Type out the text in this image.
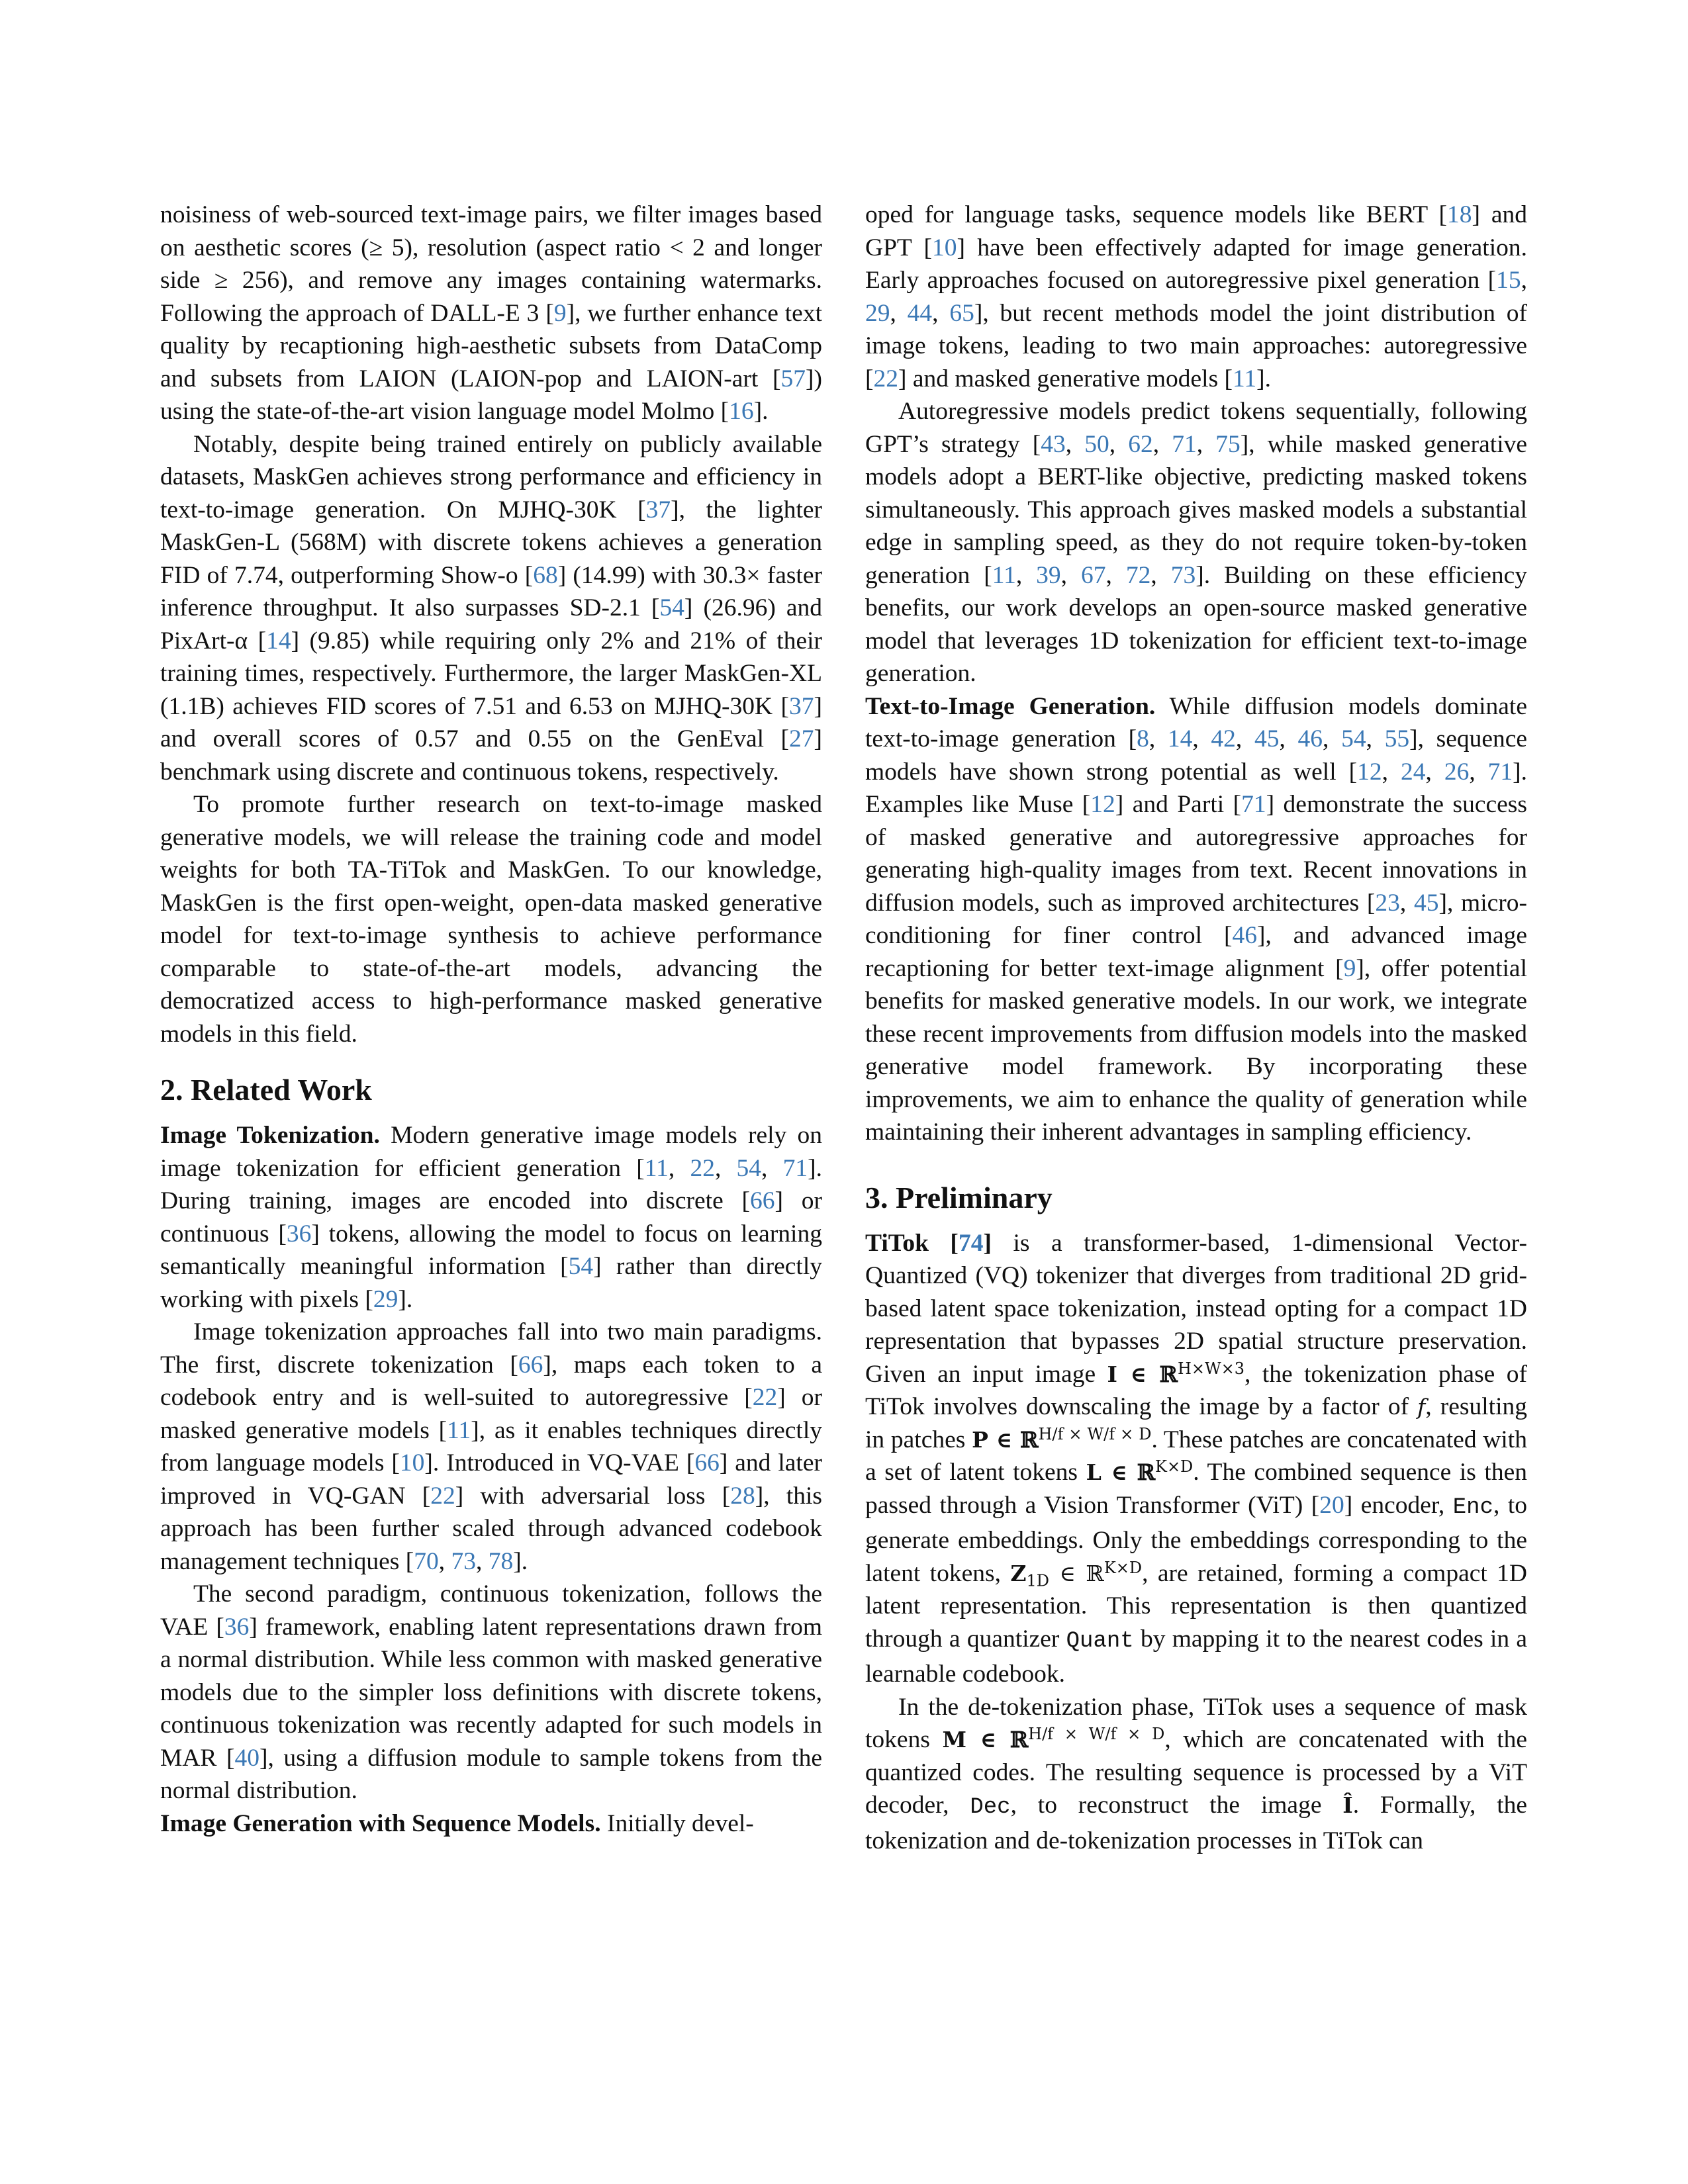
noisiness of web-sourced text-image pairs, we filter images based on aesthetic scores (≥ 5), resolution (aspect ratio < 2 and longer side ≥ 256), and remove any images containing watermarks. Following the approach of DALL-E 3 [9], we further enhance text quality by recaptioning high-aesthetic subsets from DataComp and subsets from LAION (LAION-pop and LAION-art [57]) using the state-of-the-art vision language model Molmo [16].

Notably, despite being trained entirely on publicly available datasets, MaskGen achieves strong performance and efficiency in text-to-image generation. On MJHQ-30K [37], the lighter MaskGen-L (568M) with discrete tokens achieves a generation FID of 7.74, outperforming Show-o [68] (14.99) with 30.3× faster inference throughput. It also surpasses SD-2.1 [54] (26.96) and PixArt-α [14] (9.85) while requiring only 2% and 21% of their training times, respectively. Furthermore, the larger MaskGen-XL (1.1B) achieves FID scores of 7.51 and 6.53 on MJHQ-30K [37] and overall scores of 0.57 and 0.55 on the GenEval [27] benchmark using discrete and continuous tokens, respectively.

To promote further research on text-to-image masked generative models, we will release the training code and model weights for both TA-TiTok and MaskGen. To our knowledge, MaskGen is the first open-weight, open-data masked generative model for text-to-image synthesis to achieve performance comparable to state-of-the-art models, advancing the democratized access to high-performance masked generative models in this field.

2. Related Work

Image Tokenization. Modern generative image models rely on image tokenization for efficient generation [11, 22, 54, 71]. During training, images are encoded into discrete [66] or continuous [36] tokens, allowing the model to focus on learning semantically meaningful information [54] rather than directly working with pixels [29].

Image tokenization approaches fall into two main paradigms. The first, discrete tokenization [66], maps each token to a codebook entry and is well-suited to autoregressive [22] or masked generative models [11], as it enables techniques directly from language models [10]. Introduced in VQ-VAE [66] and later improved in VQ-GAN [22] with adversarial loss [28], this approach has been further scaled through advanced codebook management techniques [70, 73, 78].

The second paradigm, continuous tokenization, follows the VAE [36] framework, enabling latent representations drawn from a normal distribution. While less common with masked generative models due to the simpler loss definitions with discrete tokens, continuous tokenization was recently adapted for such models in MAR [40], using a diffusion module to sample tokens from the normal distribution.

Image Generation with Sequence Models. Initially devel-

oped for language tasks, sequence models like BERT [18] and GPT [10] have been effectively adapted for image generation. Early approaches focused on autoregressive pixel generation [15, 29, 44, 65], but recent methods model the joint distribution of image tokens, leading to two main approaches: autoregressive [22] and masked generative models [11].

Autoregressive models predict tokens sequentially, following GPT’s strategy [43, 50, 62, 71, 75], while masked generative models adopt a BERT-like objective, predicting masked tokens simultaneously. This approach gives masked models a substantial edge in sampling speed, as they do not require token-by-token generation [11, 39, 67, 72, 73]. Building on these efficiency benefits, our work develops an open-source masked generative model that leverages 1D tokenization for efficient text-to-image generation.

Text-to-Image Generation. While diffusion models dominate text-to-image generation [8, 14, 42, 45, 46, 54, 55], sequence models have shown strong potential as well [12, 24, 26, 71]. Examples like Muse [12] and Parti [71] demonstrate the success of masked generative and autoregressive approaches for generating high-quality images from text. Recent innovations in diffusion models, such as improved architectures [23, 45], micro-conditioning for finer control [46], and advanced image recaptioning for better text-image alignment [9], offer potential benefits for masked generative models. In our work, we integrate these recent improvements from diffusion models into the masked generative model framework. By incorporating these improvements, we aim to enhance the quality of generation while maintaining their inherent advantages in sampling efficiency.

3. Preliminary

TiTok [74] is a transformer-based, 1-dimensional Vector-Quantized (VQ) tokenizer that diverges from traditional 2D grid-based latent space tokenization, instead opting for a compact 1D representation that bypasses 2D spatial structure preservation. Given an input image I ∈ ℝ$^{H\times W\times 3}$, the tokenization phase of TiTok involves downscaling the image by a factor of f, resulting in patches P ∈ ℝ$^{H/f \times W/f \times D}$. These patches are concatenated with a set of latent tokens L ∈ ℝ$^{K\times D}$. The combined sequence is then passed through a Vision Transformer (ViT) [20] encoder, Enc, to generate embeddings. Only the embeddings corresponding to the latent tokens, $Z_{1D}$ ∈ ℝ$^{K\times D}$, are retained, forming a compact 1D latent representation. This representation is then quantized through a quantizer Quant by mapping it to the nearest codes in a learnable codebook.

In the de-tokenization phase, TiTok uses a sequence of mask tokens M ∈ ℝ$^{H/f \times W/f \times D}$, which are concatenated with the quantized codes. The resulting sequence is processed by a ViT decoder, Dec, to reconstruct the image Î. Formally, the tokenization and de-tokenization processes in TiTok can
